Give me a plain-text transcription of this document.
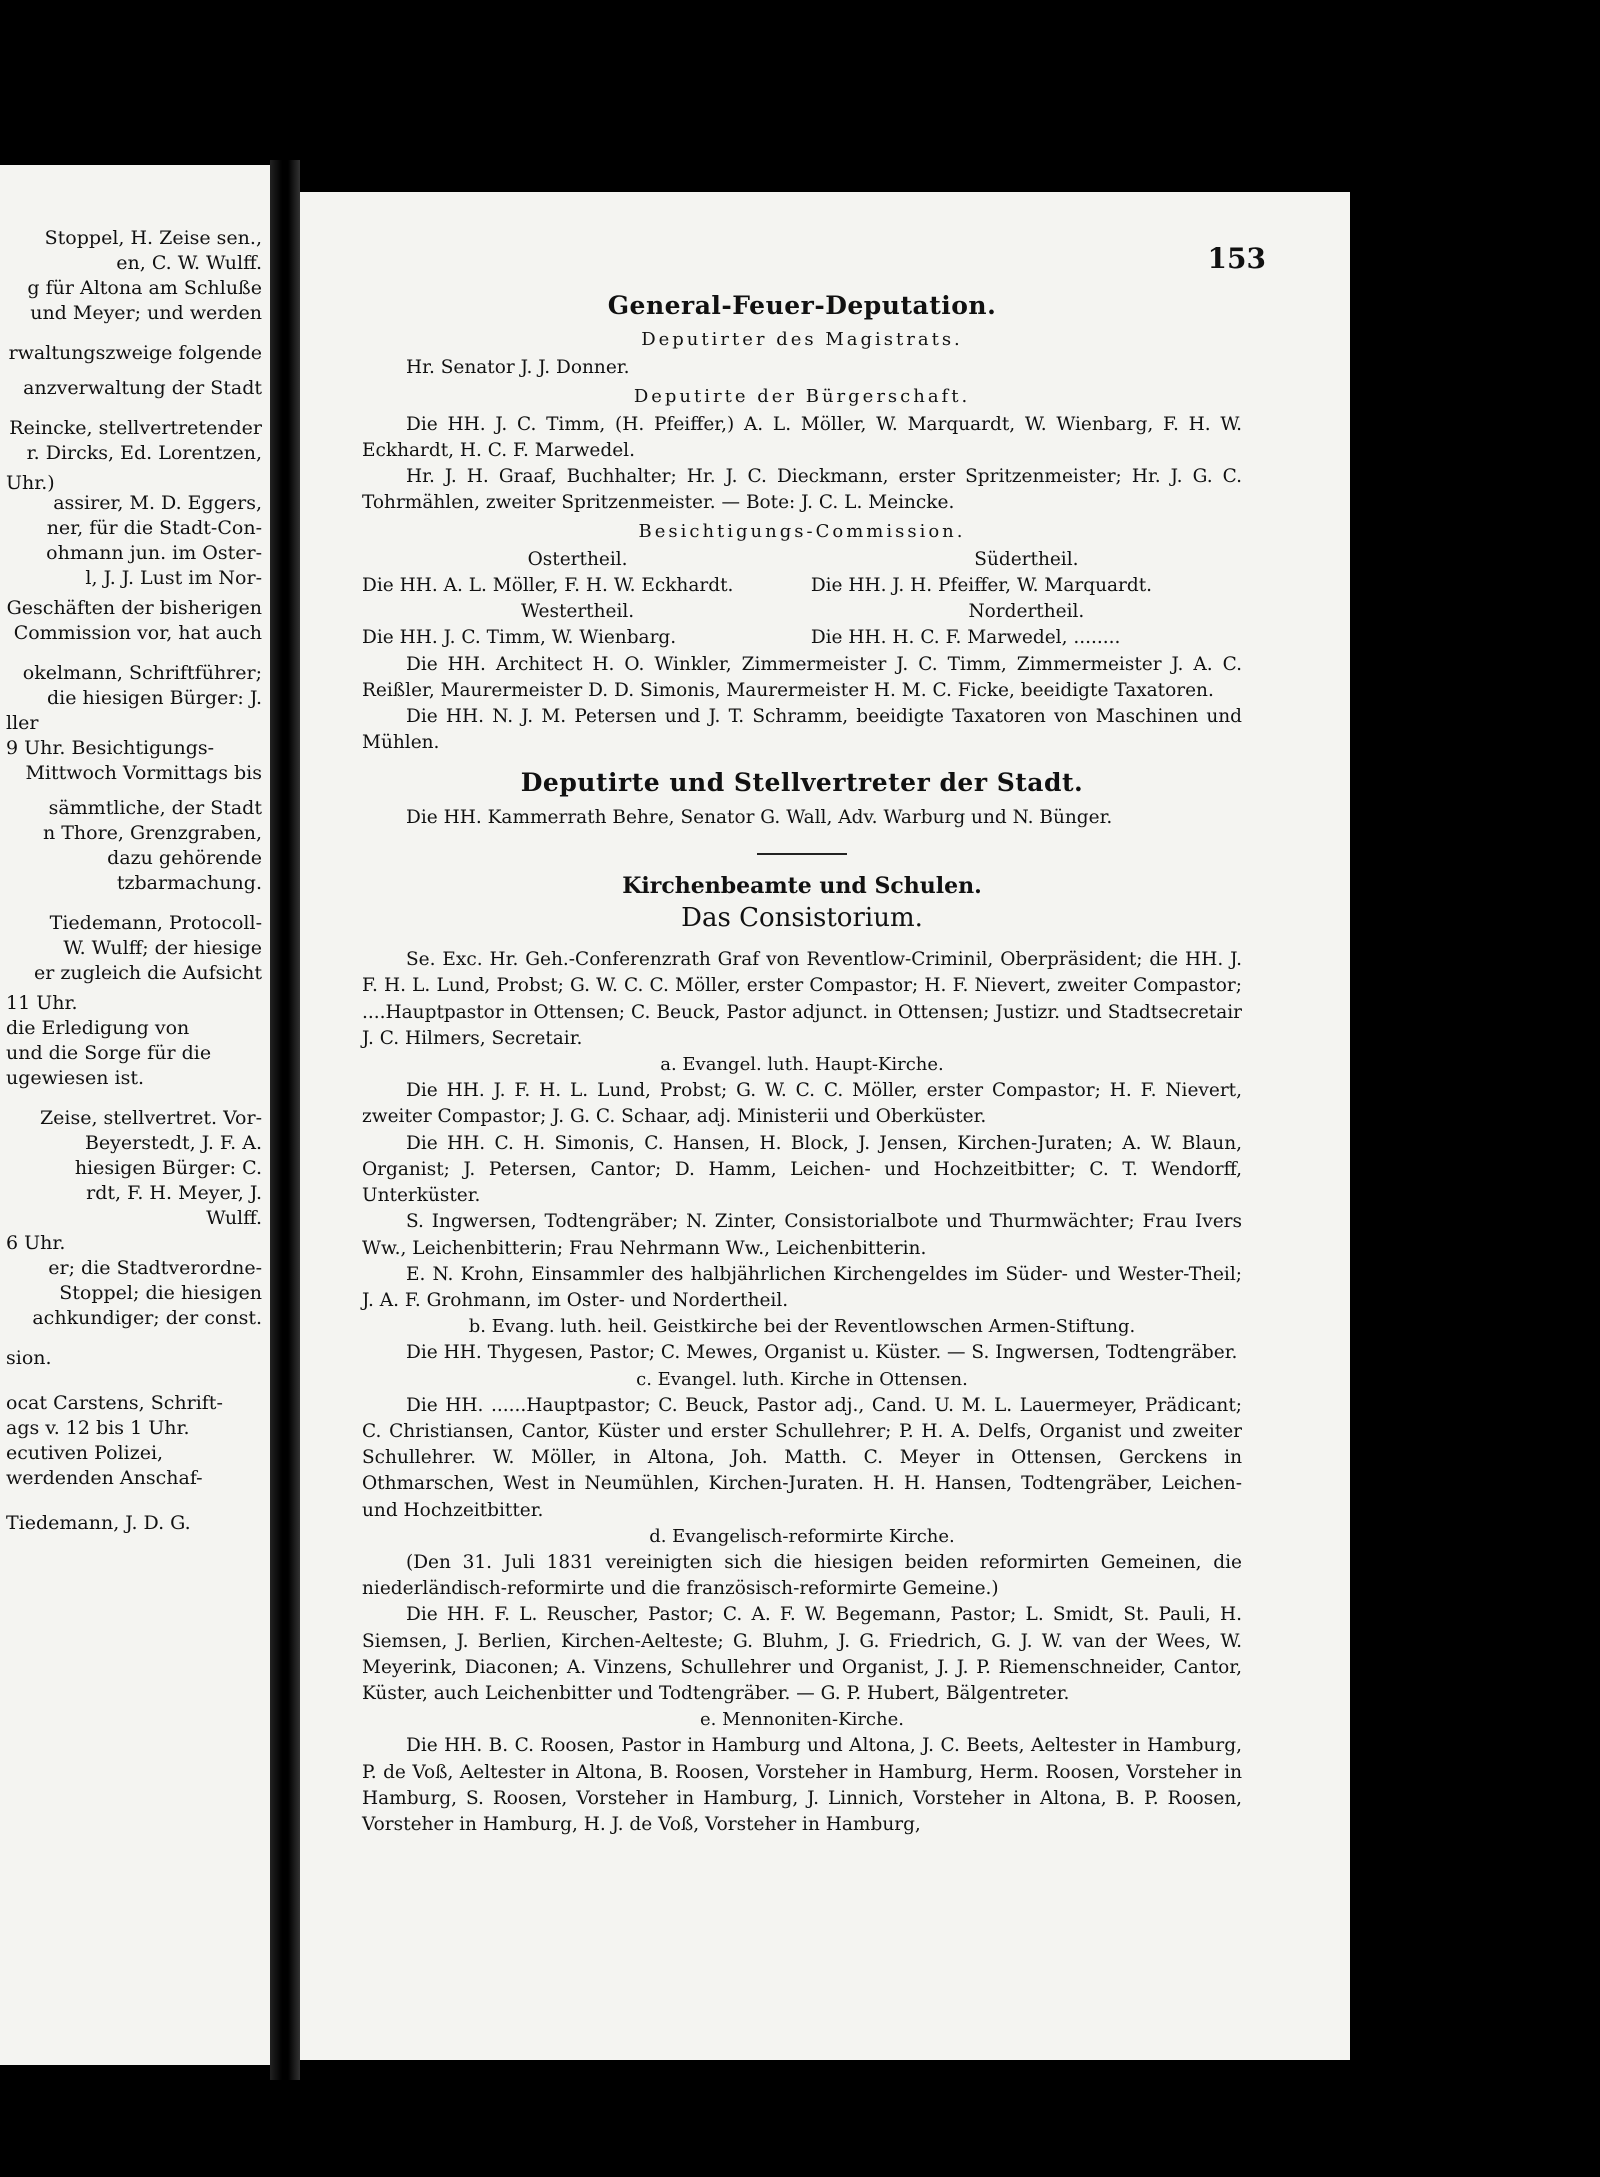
Stoppel, H. Zeise sen.,
en, C. W. Wulff.
g für Altona am Schluße
und Meyer; und werden
rwaltungszweige folgende
anzverwaltung der Stadt
Reincke, stellvertretender
r. Dircks, Ed. Lorentzen,
Uhr.)
assirer, M. D. Eggers,
ner, für die Stadt-Con-
ohmann jun. im Oster-
l, J. J. Lust im Nor-
Geschäften der bisherigen
Commission vor, hat auch
okelmann, Schriftführer;
die hiesigen Bürger: J.
ller
9 Uhr. Besichtigungs-
Mittwoch Vormittags bis
sämmtliche, der Stadt
n Thore, Grenzgraben,
dazu gehörende
tzbarmachung.
Tiedemann, Protocoll-
W. Wulff; der hiesige
er zugleich die Aufsicht
11 Uhr.
die Erledigung von
und die Sorge für die
ugewiesen ist.
Zeise, stellvertret. Vor-
Beyerstedt, J. F. A.
hiesigen Bürger: C.
rdt, F. H. Meyer, J.
Wulff.
6 Uhr.
er; die Stadtverordne-
Stoppel; die hiesigen
achkundiger; der const.
sion.
ocat Carstens, Schrift-
ags v. 12 bis 1 Uhr.
ecutiven Polizei,
werdenden Anschaf-
Tiedemann, J. D. G.
153
General-Feuer-Deputation.
Deputirter des Magistrats.

Hr. Senator J. J. Donner.

Deputirte der Bürgerschaft.

Die HH. J. C. Timm, (H. Pfeiffer,) A. L. Möller, W. Marquardt, W. Wienbarg, F. H. W. Eckhardt, H. C. F. Marwedel.

Hr. J. H. Graaf, Buchhalter; Hr. J. C. Dieckmann, erster Spritzenmeister; Hr. J. G. C. Tohrmählen, zweiter Spritzenmeister. — Bote: J. C. L. Meincke.

Besichtigungs-Commission.
Ostertheil.

Die HH. A. L. Möller, F. H. W. Eckhardt.

Westertheil.

Die HH. J. C. Timm, W. Wienbarg.

Südertheil.

Die HH. J. H. Pfeiffer, W. Marquardt.

Nordertheil.

Die HH. H. C. F. Marwedel, ........

Die HH. Architect H. O. Winkler, Zimmermeister J. C. Timm, Zimmermeister J. A. C. Reißler, Maurermeister D. D. Simonis, Maurermeister H. M. C. Ficke, beeidigte Taxatoren.

Die HH. N. J. M. Petersen und J. T. Schramm, beeidigte Taxatoren von Maschinen und Mühlen.

Deputirte und Stellvertreter der Stadt.

Die HH. Kammerrath Behre, Senator G. Wall, Adv. Warburg und N. Bünger.

Kirchenbeamte und Schulen.
Das Consistorium.

Se. Exc. Hr. Geh.-Conferenzrath Graf von Reventlow-Criminil, Oberpräsident; die HH. J. F. H. L. Lund, Probst; G. W. C. C. Möller, erster Compastor; H. F. Nievert, zweiter Compastor; ....Hauptpastor in Ottensen; C. Beuck, Pastor adjunct. in Ottensen; Justizr. und Stadtsecretair J. C. Hilmers, Secretair.

a. Evangel. luth. Haupt-Kirche.

Die HH. J. F. H. L. Lund, Probst; G. W. C. C. Möller, erster Compastor; H. F. Nievert, zweiter Compastor; J. G. C. Schaar, adj. Ministerii und Oberküster.

Die HH. C. H. Simonis, C. Hansen, H. Block, J. Jensen, Kirchen-Juraten; A. W. Blaun, Organist; J. Petersen, Cantor; D. Hamm, Leichen- und Hochzeitbitter; C. T. Wendorff, Unterküster.

S. Ingwersen, Todtengräber; N. Zinter, Consistorialbote und Thurmwächter; Frau Ivers Ww., Leichenbitterin; Frau Nehrmann Ww., Leichenbitterin.

E. N. Krohn, Einsammler des halbjährlichen Kirchengeldes im Süder- und Wester-Theil; J. A. F. Grohmann, im Oster- und Nordertheil.

b. Evang. luth. heil. Geistkirche bei der Reventlowschen Armen-Stiftung.

Die HH. Thygesen, Pastor; C. Mewes, Organist u. Küster. — S. Ingwersen, Todtengräber.

c. Evangel. luth. Kirche in Ottensen.

Die HH. ......Hauptpastor; C. Beuck, Pastor adj., Cand. U. M. L. Lauermeyer, Prädicant; C. Christiansen, Cantor, Küster und erster Schullehrer; P. H. A. Delfs, Organist und zweiter Schullehrer. W. Möller, in Altona, Joh. Matth. C. Meyer in Ottensen, Gerckens in Othmarschen, West in Neumühlen, Kirchen-Juraten. H. H. Hansen, Todtengräber, Leichen- und Hochzeitbitter.

d. Evangelisch-reformirte Kirche.

(Den 31. Juli 1831 vereinigten sich die hiesigen beiden reformirten Gemeinen, die niederländisch-reformirte und die französisch-reformirte Gemeine.)

Die HH. F. L. Reuscher, Pastor; C. A. F. W. Begemann, Pastor; L. Smidt, St. Pauli, H. Siemsen, J. Berlien, Kirchen-Aelteste; G. Bluhm, J. G. Friedrich, G. J. W. van der Wees, W. Meyerink, Diaconen; A. Vinzens, Schullehrer und Organist, J. J. P. Riemenschneider, Cantor, Küster, auch Leichenbitter und Todtengräber. — G. P. Hubert, Bälgentreter.

e. Mennoniten-Kirche.

Die HH. B. C. Roosen, Pastor in Hamburg und Altona, J. C. Beets, Aeltester in Hamburg, P. de Voß, Aeltester in Altona, B. Roosen, Vorsteher in Hamburg, Herm. Roosen, Vorsteher in Hamburg, S. Roosen, Vorsteher in Hamburg, J. Linnich, Vorsteher in Altona, B. P. Roosen, Vorsteher in Hamburg, H. J. de Voß, Vorsteher in Hamburg,
